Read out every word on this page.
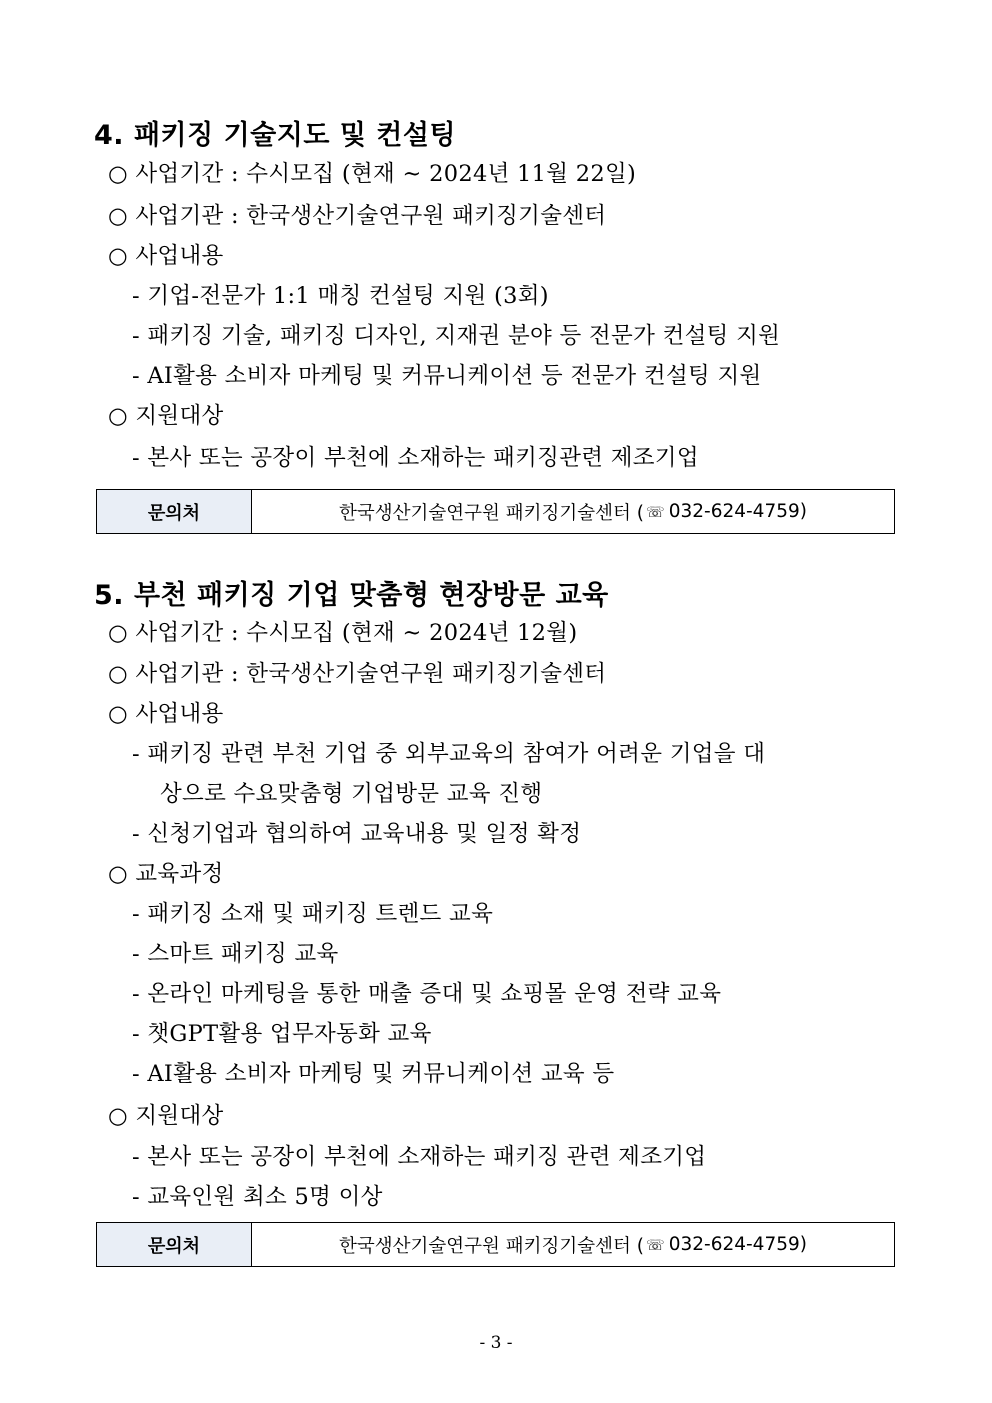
4. 패키징 기술지도 및 컨설팅
○ 사업기간 : 수시모집 (현재 ~ 2024년 11월 22일)
○ 사업기관 : 한국생산기술연구원 패키징기술센터
○ 사업내용
- 기업-전문가 1:1 매칭 컨설팅 지원 (3회)
- 패키징 기술, 패키징 디자인, 지재권 분야 등 전문가 컨설팅 지원
- AI활용 소비자 마케팅 및 커뮤니케이션 등 전문가 컨설팅 지원
○ 지원대상
- 본사 또는 공장이 부천에 소재하는 패키징관련 제조기업
문의처	한국생산기술연구원 패키징기술센터 ( ☏ 032-624-4759)
5. 부천 패키징 기업 맞춤형 현장방문 교육
○ 사업기간 : 수시모집 (현재 ~ 2024년 12월)
○ 사업기관 : 한국생산기술연구원 패키징기술센터
○ 사업내용
- 패키징 관련 부천 기업 중 외부교육의 참여가 어려운 기업을 대
상으로 수요맞춤형 기업방문 교육 진행
- 신청기업과 협의하여 교육내용 및 일정 확정
○ 교육과정
- 패키징 소재 및 패키징 트렌드 교육
- 스마트 패키징 교육
- 온라인 마케팅을 통한 매출 증대 및 쇼핑몰 운영 전략 교육
- 챗GPT활용 업무자동화 교육
- AI활용 소비자 마케팅 및 커뮤니케이션 교육 등
○ 지원대상
- 본사 또는 공장이 부천에 소재하는 패키징 관련 제조기업
- 교육인원 최소 5명 이상
문의처	한국생산기술연구원 패키징기술센터 ( ☏ 032-624-4759)
- 3 -
